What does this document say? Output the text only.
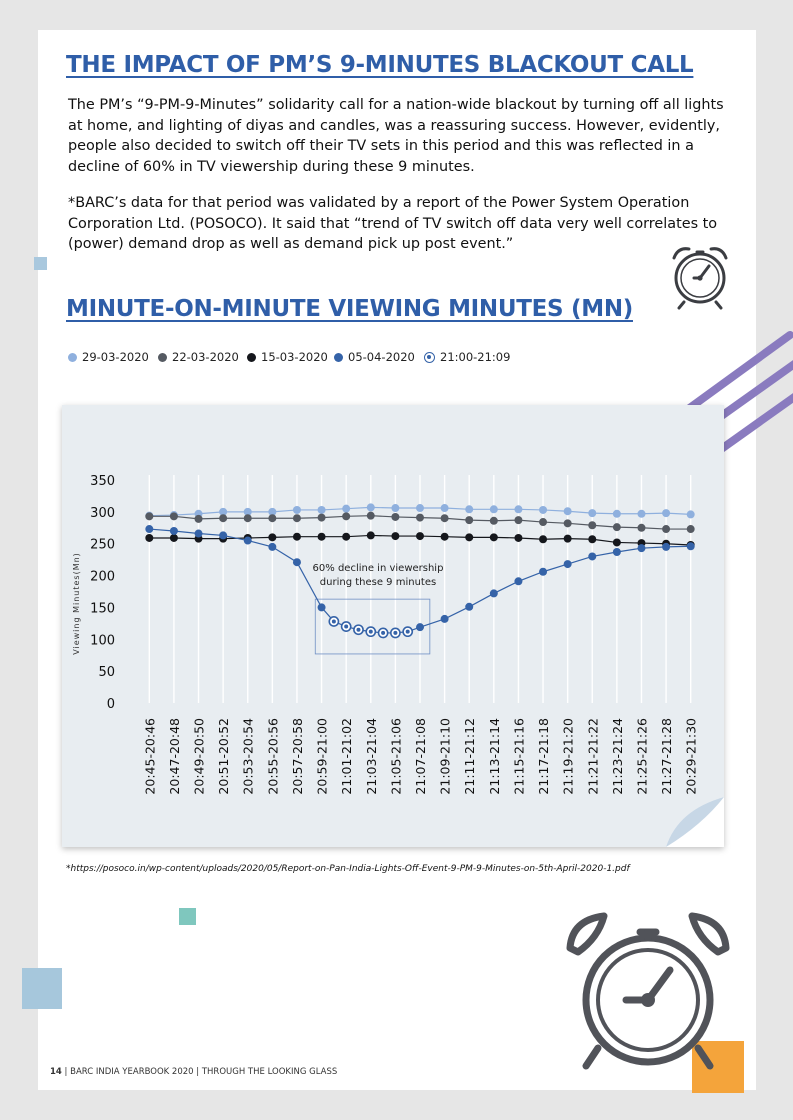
THE IMPACT OF PM’S 9-MINUTES BLACKOUT CALL
The PM’s “9-PM-9-Minutes” solidarity call for a nation-wide blackout by turning off all lights at home, and lighting of diyas and candles, was a reassuring success. However, evidently, people also decided to switch off their TV sets in this period and this was reflected in a decline of 60% in TV viewership during these 9 minutes.
*BARC’s data for that period was validated by a report of the Power System Operation Corporation Ltd. (POSOCO). It said that “trend of TV switch off data very well correlates to (power) demand drop as well as demand pick up post event.”
MINUTE-ON-MINUTE VIEWING MINUTES (MN)
29-03-2020	22-03-2020	15-03-2020	05-04-2020	21:00-21:09
0
50
100
150
200
250
300
350
Viewing Minutes(Mn)
20:45-20:46 20:47-20:48 20:49-20:50 20:51-20:52 20:53-20:54 20:55-20:56 20:57-20:58 20:59-21:00 21:01-21:02 21:03-21:04 21:05-21:06 21:07-21:08 21:09-21:10 21:11-21:12 21:13-21:14 21:15-21:16 21:17-21:18 21:19-21:20 21:21-21:22 21:23-21:24 21:25-21:26 21:27-21:28 20:29-21:30
60% decline in viewership
during these 9 minutes
*https://posoco.in/wp-content/uploads/2020/05/Report-on-Pan-India-Lights-Off-Event-9-PM-9-Minutes-on-5th-April-2020-1.pdf
14 | BARC INDIA YEARBOOK 2020 | THROUGH THE LOOKING GLASS
